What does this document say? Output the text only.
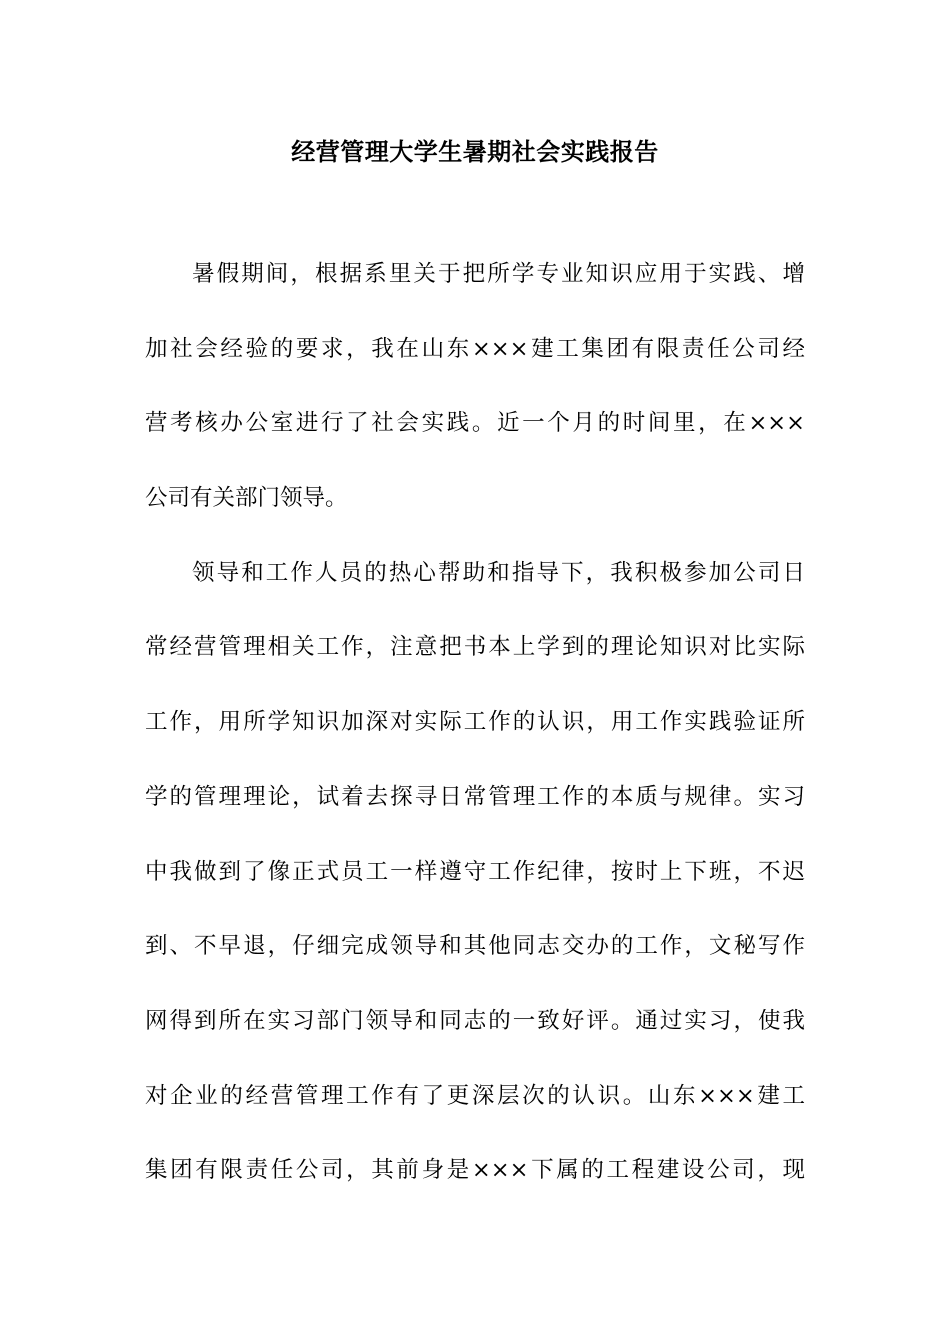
经营管理大学生暑期社会实践报告
暑假期间，根据系里关于把所学专业知识应用于实践、增
加社会经验的要求，我在山东×××建工集团有限责任公司经
营考核办公室进行了社会实践。近一个月的时间里，在×××
公司有关部门领导。
领导和工作人员的热心帮助和指导下，我积极参加公司日
常经营管理相关工作，注意把书本上学到的理论知识对比实际
工作，用所学知识加深对实际工作的认识，用工作实践验证所
学的管理理论，试着去探寻日常管理工作的本质与规律。实习
中我做到了像正式员工一样遵守工作纪律，按时上下班，不迟
到、不早退，仔细完成领导和其他同志交办的工作，文秘写作
网得到所在实习部门领导和同志的一致好评。通过实习，使我
对企业的经营管理工作有了更深层次的认识。山东×××建工
集团有限责任公司，其前身是×××下属的工程建设公司，现
